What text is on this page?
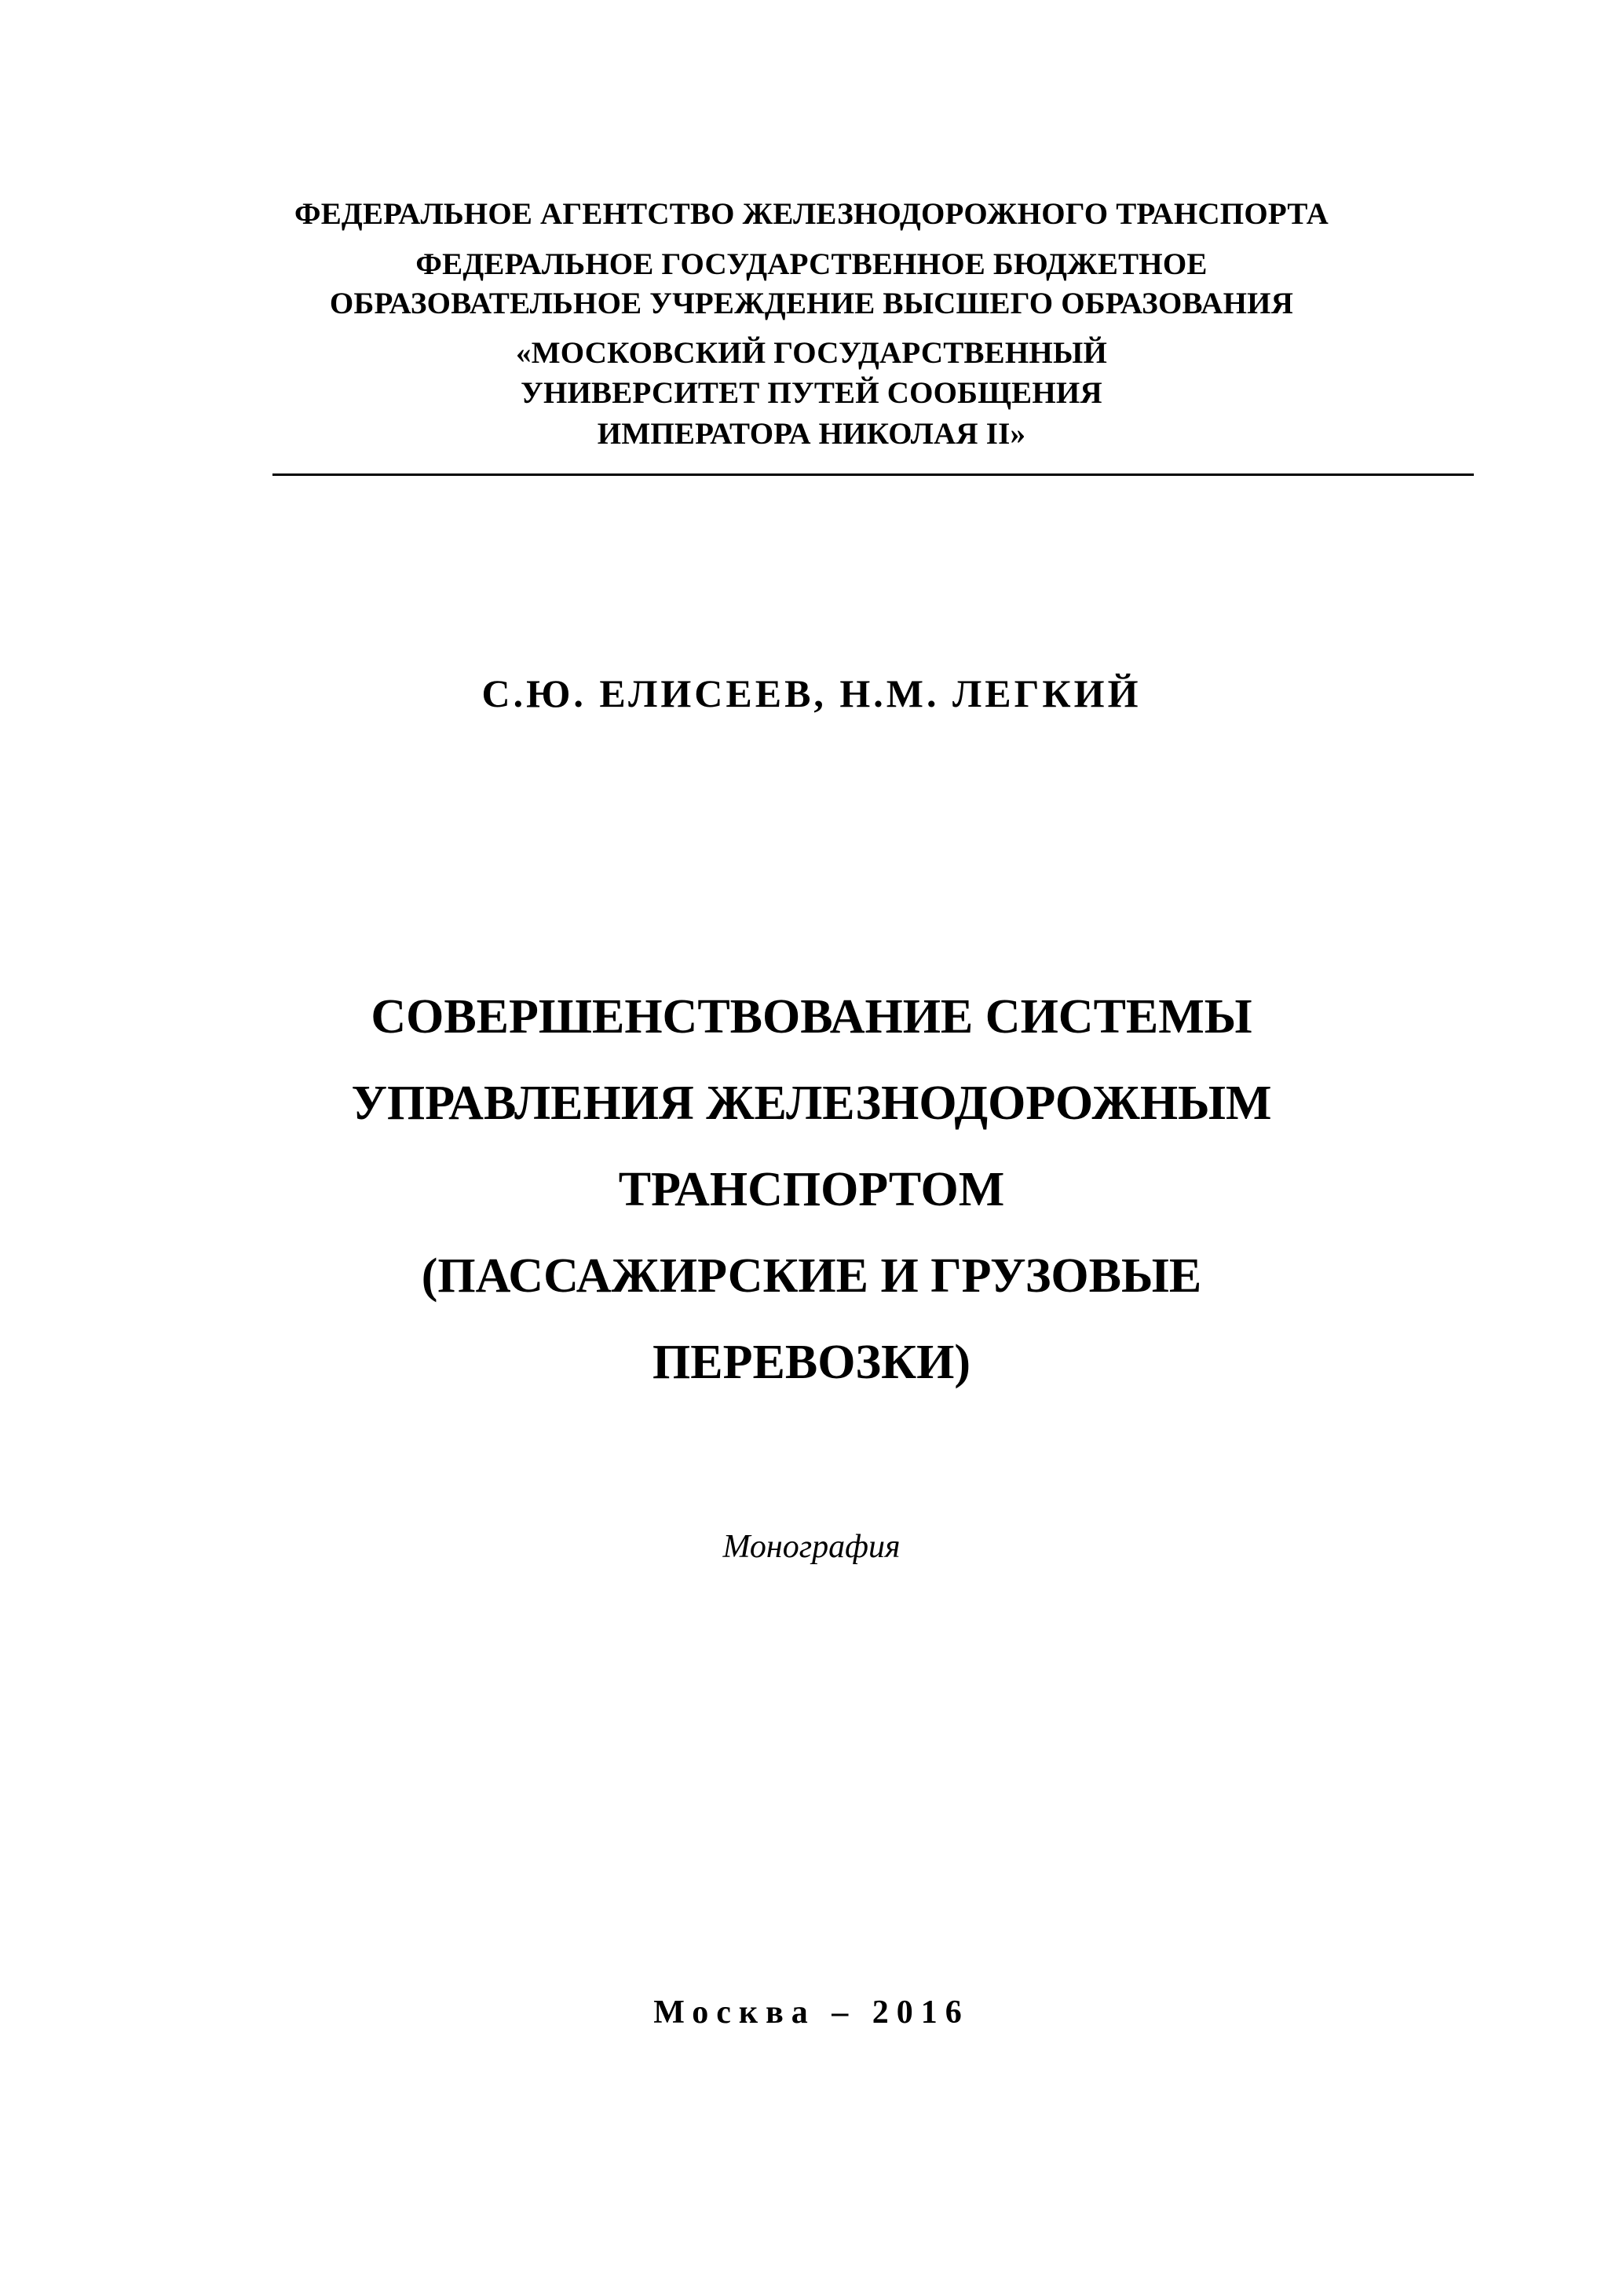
ФЕДЕРАЛЬНОЕ АГЕНТСТВО ЖЕЛЕЗНОДОРОЖНОГО ТРАНСПОРТА
ФЕДЕРАЛЬНОЕ ГОСУДАРСТВЕННОЕ БЮДЖЕТНОЕ
ОБРАЗОВАТЕЛЬНОЕ УЧРЕЖДЕНИЕ ВЫСШЕГО ОБРАЗОВАНИЯ
«МОСКОВСКИЙ ГОСУДАРСТВЕННЫЙ
УНИВЕРСИТЕТ ПУТЕЙ СООБЩЕНИЯ
ИМПЕРАТОРА НИКОЛАЯ II»
С.Ю. ЕЛИСЕЕВ, Н.М. ЛЕГКИЙ
СОВЕРШЕНСТВОВАНИЕ СИСТЕМЫ
УПРАВЛЕНИЯ ЖЕЛЕЗНОДОРОЖНЫМ
ТРАНСПОРТОМ
(ПАССАЖИРСКИЕ И ГРУЗОВЫЕ
ПЕРЕВОЗКИ)
Монография
Москва – 2016
